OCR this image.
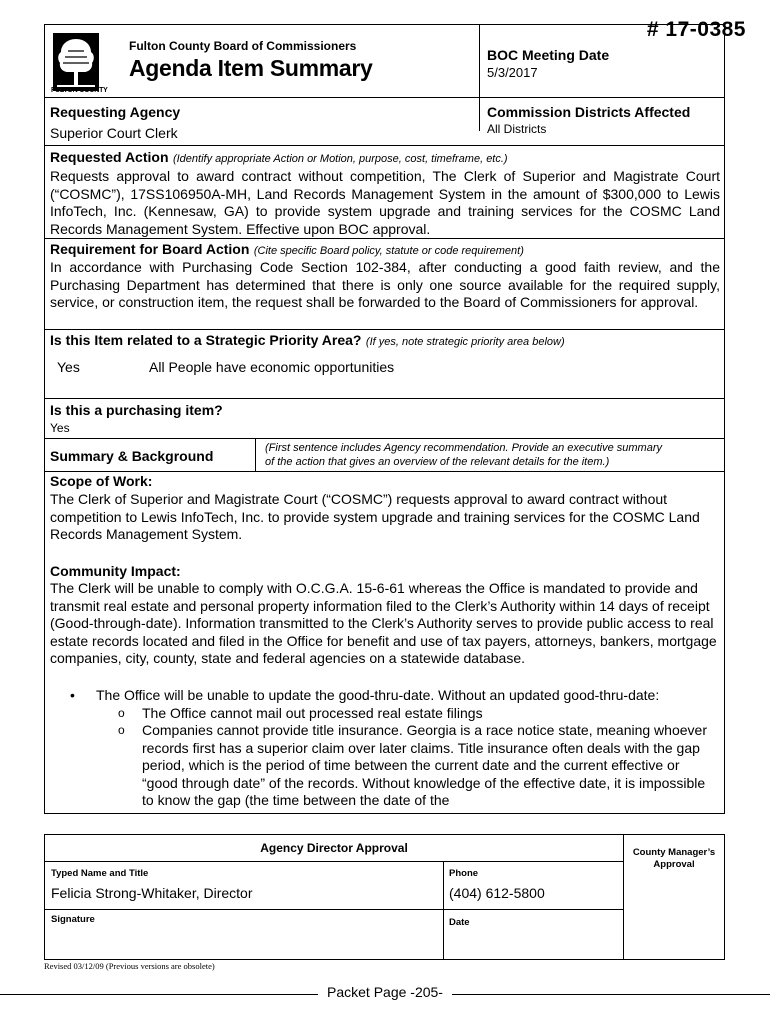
# 17-0385
FULTON COUNTY
Fulton County Board of Commissioners
Agenda Item Summary	BOC Meeting Date
5/3/2017
Requesting Agency
Superior Court Clerk
Commission Districts Affected
All Districts
Requested Action (Identify appropriate Action or Motion, purpose, cost, timeframe, etc.)
Requests approval to award contract without competition, The Clerk of Superior and Magistrate Court (“COSMC”), 17SS106950A-MH, Land Records Management System in the amount of $300,000 to Lewis InfoTech, Inc. (Kennesaw, GA) to provide system upgrade and training services for the COSMC Land Records Management System. Effective upon BOC approval.
Requirement for Board Action (Cite specific Board policy, statute or code requirement)
In accordance with Purchasing Code Section 102-384, after conducting a good faith review, and the Purchasing Department has determined that there is only one source available for the required supply, service, or construction item, the request shall be forwarded to the Board of Commissioners for approval.
Is this Item related to a Strategic Priority Area? (If yes, note strategic priority area below)
Yes	All People have economic opportunities
Is this a purchasing item?
Yes
Summary & Background	(First sentence includes Agency recommendation. Provide an executive summary
of the action that gives an overview of the relevant details for the item.)
Scope of Work:
The Clerk of Superior and Magistrate Court (“COSMC”) requests approval to award contract without competition to Lewis InfoTech, Inc. to provide system upgrade and training services for the COSMC Land Records Management System.
Community Impact:
The Clerk will be unable to comply with O.C.G.A. 15-6-61 whereas the Office is mandated to provide and transmit real estate and personal property information filed to the Clerk’s Authority within 14 days of receipt (Good-through-date). Information transmitted to the Clerk’s Authority serves to provide public access to real estate records located and filed in the Office for benefit and use of tax payers, attorneys, bankers, mortgage companies, city, county, state and federal agencies on a statewide database.
• The Office will be unable to update the good-thru-date. Without an updated good-thru-date:
o The Office cannot mail out processed real estate filings
o Companies cannot provide title insurance. Georgia is a race notice state, meaning whoever records first has a superior claim over later claims. Title insurance often deals with the gap period, which is the period of time between the current date and the current effective or “good through date” of the records. Without knowledge of the effective date, it is impossible to know the gap (the time between the date of the
Agency Director Approval
Typed Name and Title
Felicia Strong-Whitaker, Director
Phone
(404) 612-5800
Signature	Date
County Manager’s Approval
Revised 03/12/09 (Previous versions are obsolete)
Packet Page -205-
